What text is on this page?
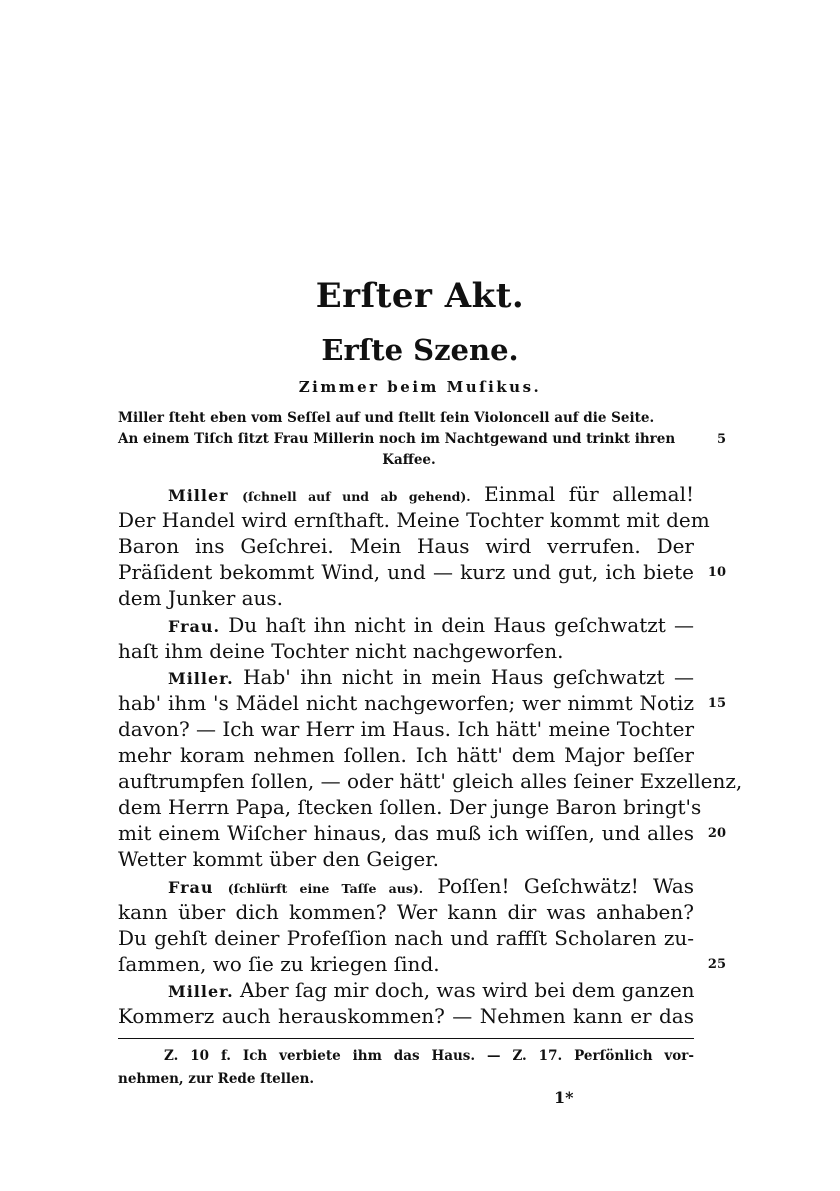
Erſter Akt.
Erſte Szene.
Zimmer beim Muſikus.
Miller ſteht eben vom Seſſel auf und ſtellt ſein Violoncell auf die Seite.
An einem Tiſch ſitzt Frau Millerin noch im Nachtgewand und trinkt ihren
Kaffee.
5
Miller (ſchnell auf und ab gehend). Einmal für allemal!
Der Handel wird ernſthaft. Meine Tochter kommt mit dem
Baron ins Geſchrei. Mein Haus wird verrufen. Der
Präſident bekommt Wind, und — kurz und gut, ich biete	10
dem Junker aus.
Frau. Du haſt ihn nicht in dein Haus geſchwatzt —
haſt ihm deine Tochter nicht nachgeworfen.
Miller. Hab' ihn nicht in mein Haus geſchwatzt —
hab' ihm 's Mädel nicht nachgeworfen; wer nimmt Notiz	15
davon? — Ich war Herr im Haus. Ich hätt' meine Tochter
mehr koram nehmen ſollen. Ich hätt' dem Major beſſer
auftrumpfen ſollen, — oder hätt' gleich alles ſeiner Exzellenz,
dem Herrn Papa, ſtecken ſollen. Der junge Baron bringt's
mit einem Wiſcher hinaus, das muß ich wiſſen, und alles	20
Wetter kommt über den Geiger.
Frau (ſchlürft eine Taſſe aus). Poſſen! Geſchwätz! Was
kann über dich kommen? Wer kann dir was anhaben?
Du gehſt deiner Profeſſion nach und raffſt Scholaren zu-
ſammen, wo ſie zu kriegen ſind.	25
Miller. Aber ſag mir doch, was wird bei dem ganzen
Kommerz auch herauskommen? — Nehmen kann er das
Z. 10 f. Ich verbiete ihm das Haus. — Z. 17. Perſönlich vor-
nehmen, zur Rede ſtellen.
1*
